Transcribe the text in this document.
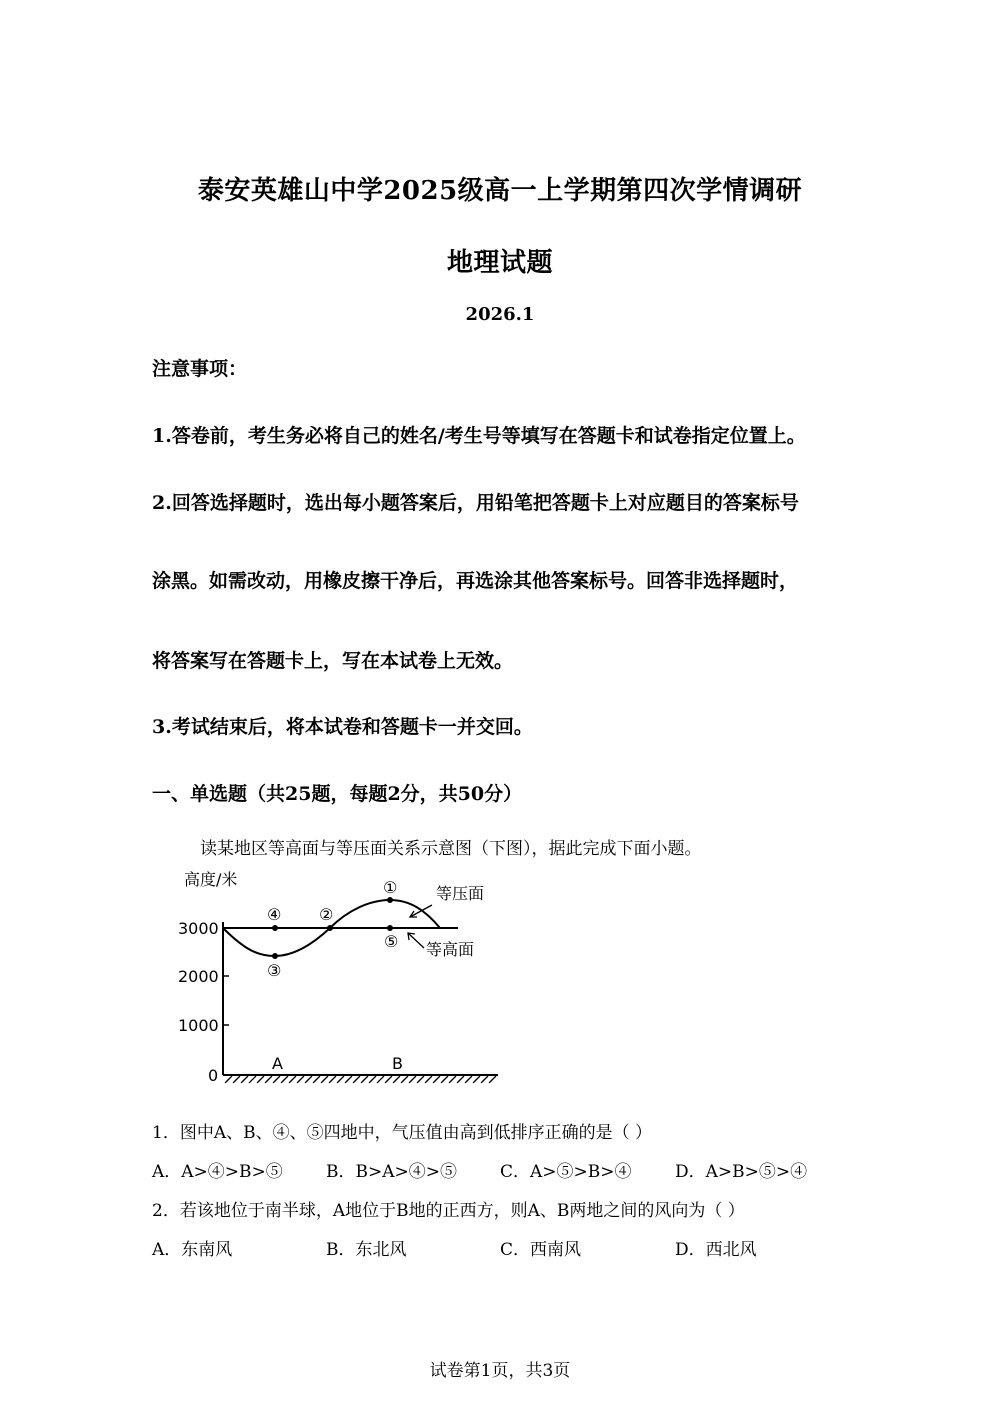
泰安英雄山中学2025级高一上学期第四次学情调研
地理试题
2026.1
注意事项：
1.答卷前，考生务必将自己的姓名/考生号等填写在答题卡和试卷指定位置上。
2.回答选择题时，选出每小题答案后，用铅笔把答题卡上对应题目的答案标号
涂黑。如需改动，用橡皮擦干净后，再选涂其他答案标号。回答非选择题时，
将答案写在答题卡上，写在本试卷上无效。
3.考试结束后，将本试卷和答题卡一并交回。
一、单选题（共25题，每题2分，共50分）
读某地区等高面与等压面关系示意图（下图），据此完成下面小题。
高度/米
3000
2000
1000
0
①
②
③
④
⑤
A	B
等压面
等高面
1．图中A、B、④、⑤四地中，气压值由高到低排序正确的是（ ）
A．A>④>B>⑤	B．B>A>④>⑤	C．A>⑤>B>④	D．A>B>⑤>④
2．若该地位于南半球，A地位于B地的正西方，则A、B两地之间的风向为（ ）
A．东南风	B．东北风	C．西南风	D．西北风
试卷第1页，共3页
